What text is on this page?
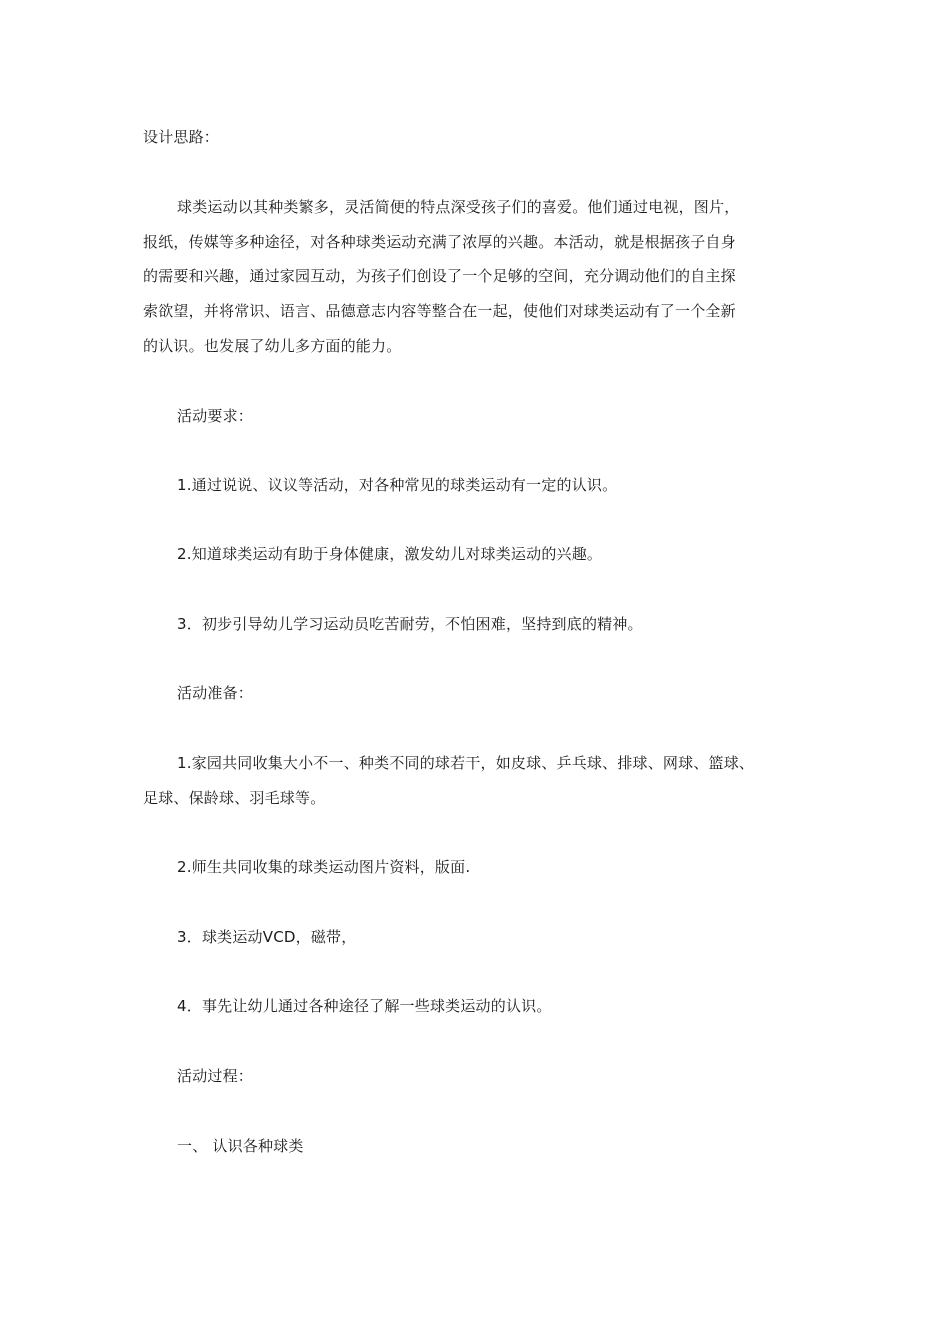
设计思路：
球类运动以其种类繁多，灵活简便的特点深受孩子们的喜爱。他们通过电视，图片，
报纸，传媒等多种途径，对各种球类运动充满了浓厚的兴趣。本活动，就是根据孩子自身
的需要和兴趣，通过家园互动，为孩子们创设了一个足够的空间，充分调动他们的自主探
索欲望，并将常识、语言、品德意志内容等整合在一起，使他们对球类运动有了一个全新
的认识。也发展了幼儿多方面的能力。
活动要求：
1.通过说说、议议等活动，对各种常见的球类运动有一定的认识。
2.知道球类运动有助于身体健康，激发幼儿对球类运动的兴趣。
3．初步引导幼儿学习运动员吃苦耐劳，不怕困难，坚持到底的精神。
活动准备：
1.家园共同收集大小不一、种类不同的球若干，如皮球、乒乓球、排球、网球、篮球、
足球、保龄球、羽毛球等。
2.师生共同收集的球类运动图片资料，版面.
3．球类运动VCD，磁带，
4．事先让幼儿通过各种途径了解一些球类运动的认识。
活动过程：
一、 认识各种球类
